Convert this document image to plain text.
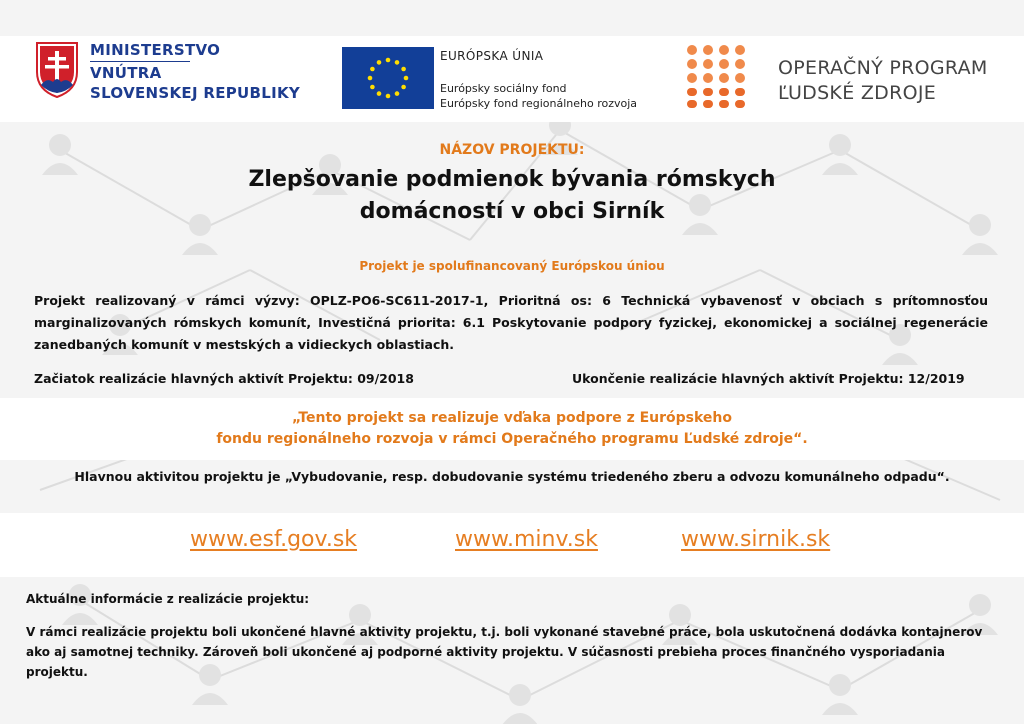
MINISTERSTVO
VNÚTRA
SLOVENSKEJ REPUBLIKY
EURÓPSKA ÚNIA
Európsky sociálny fond
Európsky fond regionálneho rozvoja
OPERAČNÝ PROGRAM
ĽUDSKÉ ZDROJE
NÁZOV PROJEKTU:
Zlepšovanie podmienok bývania rómskych
domácností v obci Sirník
Projekt je spolufinancovaný Európskou úniou
Projekt realizovaný v rámci výzvy: OPLZ-PO6-SC611-2017-1, Prioritná os: 6 Technická vybavenosť v obciach s prítomnosťou marginalizovaných rómskych komunít, Investičná priorita: 6.1 Poskytovanie podpory fyzickej, ekonomickej a sociálnej regenerácie zanedbaných komunít v mestských a vidieckych oblastiach.
Začiatok realizácie hlavných aktivít Projektu: 09/2018	Ukončenie realizácie hlavných aktivít Projektu: 12/2019
„Tento projekt sa realizuje vďaka podpore z Európskeho
fondu regionálneho rozvoja v rámci Operačného programu Ľudské zdroje“.
Hlavnou aktivitou projektu je „Vybudovanie, resp. dobudovanie systému triedeného zberu a odvozu komunálneho odpadu“.
www.esf.gov.sk	www.minv.sk	www.sirnik.sk
Aktuálne informácie z realizácie projektu:
V rámci realizácie projektu boli ukončené hlavné aktivity projektu, t.j. boli vykonané stavebné práce, bola uskutočnená dodávka kontajnerov ako aj samotnej techniky. Zároveň boli ukončené aj podporné aktivity projektu. V súčasnosti prebieha proces finančného vysporiadania projektu.
